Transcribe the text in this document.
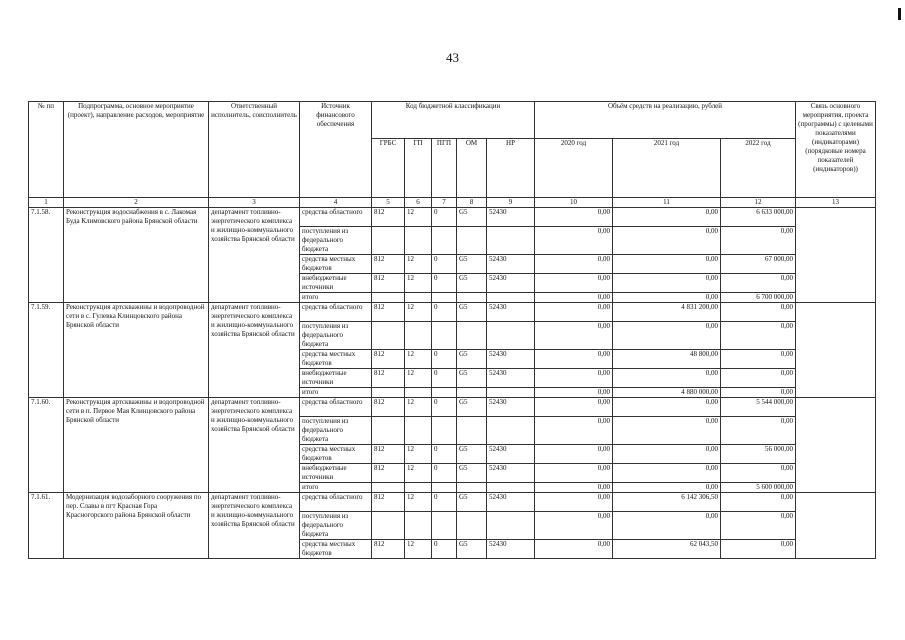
43
№ пп	Подпрограмма, основное мероприятие (проект), направление расходов, мероприятие	Ответственный исполнитель, соисполнитель	Источник финансового обеспечения	Код бюджетной классификации					Объём средств на реализацию, рублей			Связь основного мероприятия, проекта (программы) с целевыми показателями (индикаторами) (порядковые номера показателей (индикаторов))
				ГРБС	ГП	ПГП	ОМ	НР	2020 год	2021 год	2022 год	
1	2	3	4	5	6	7	8	9	10	11	12	13
7.1.58.	Реконструкция водоснабжения в с. Лакомая Буда Климовского района Брянской области	департамент топливно-энергетического комплекса и жилищно-коммунального хозяйства Брянской области	средства областного	812	12	0	G5	52430	0,00	0,00	6 633 000,00	
			поступления из федерального бюджета						0,00	0,00	0,00	
			средства местных бюджетов	812	12	0	G5	52430	0,00	0,00	67 000,00	
			внебюджетные источники	812	12	0	G5	52430	0,00	0,00	0,00	
			итого						0,00	0,00	6 700 000,00	
7.1.59.	Реконструкция артскважины и водопроводной сети в с. Гулевка Клинцовского района Брянской области	департамент топливно-энергетического комплекса и жилищно-коммунального хозяйства Брянской области	средства областного	812	12	0	G5	52430	0,00	4 831 200,00	0,00	
			поступления из федерального бюджета						0,00	0,00	0,00	
			средства местных бюджетов	812	12	0	G5	52430	0,00	48 800,00	0,00	
			внебюджетные источники	812	12	0	G5	52430	0,00	0,00	0,00	
			итого						0,00	4 880 000,00	0,00	
7.1.60.	Реконструкция артскважины и водопроводной сети в п. Первое Мая Клинцовского района Брянской области	департамент топливно-энергетического комплекса и жилищно-коммунального хозяйства Брянской области	средства областного	812	12	0	G5	52430	0,00	0,00	5 544 000,00	
			поступления из федерального бюджета						0,00	0,00	0,00	
			средства местных бюджетов	812	12	0	G5	52430	0,00	0,00	56 000,00	
			внебюджетные источники	812	12	0	G5	52430	0,00	0,00	0,00	
			итого						0,00	0,00	5 600 000,00	
7.1.61.	Модернизация водозаборного сооружения по пер. Славы в пгт Красная Гора Красногорского района Брянской области	департамент топливно-энергетического комплекса и жилищно-коммунального хозяйства Брянской области	средства областного	812	12	0	G5	52430	0,00	6 142 306,50	0,00	
			поступления из федерального бюджета						0,00	0,00	0,00	
			средства местных бюджетов	812	12	0	G5	52430	0,00	62 043,50	0,00	
